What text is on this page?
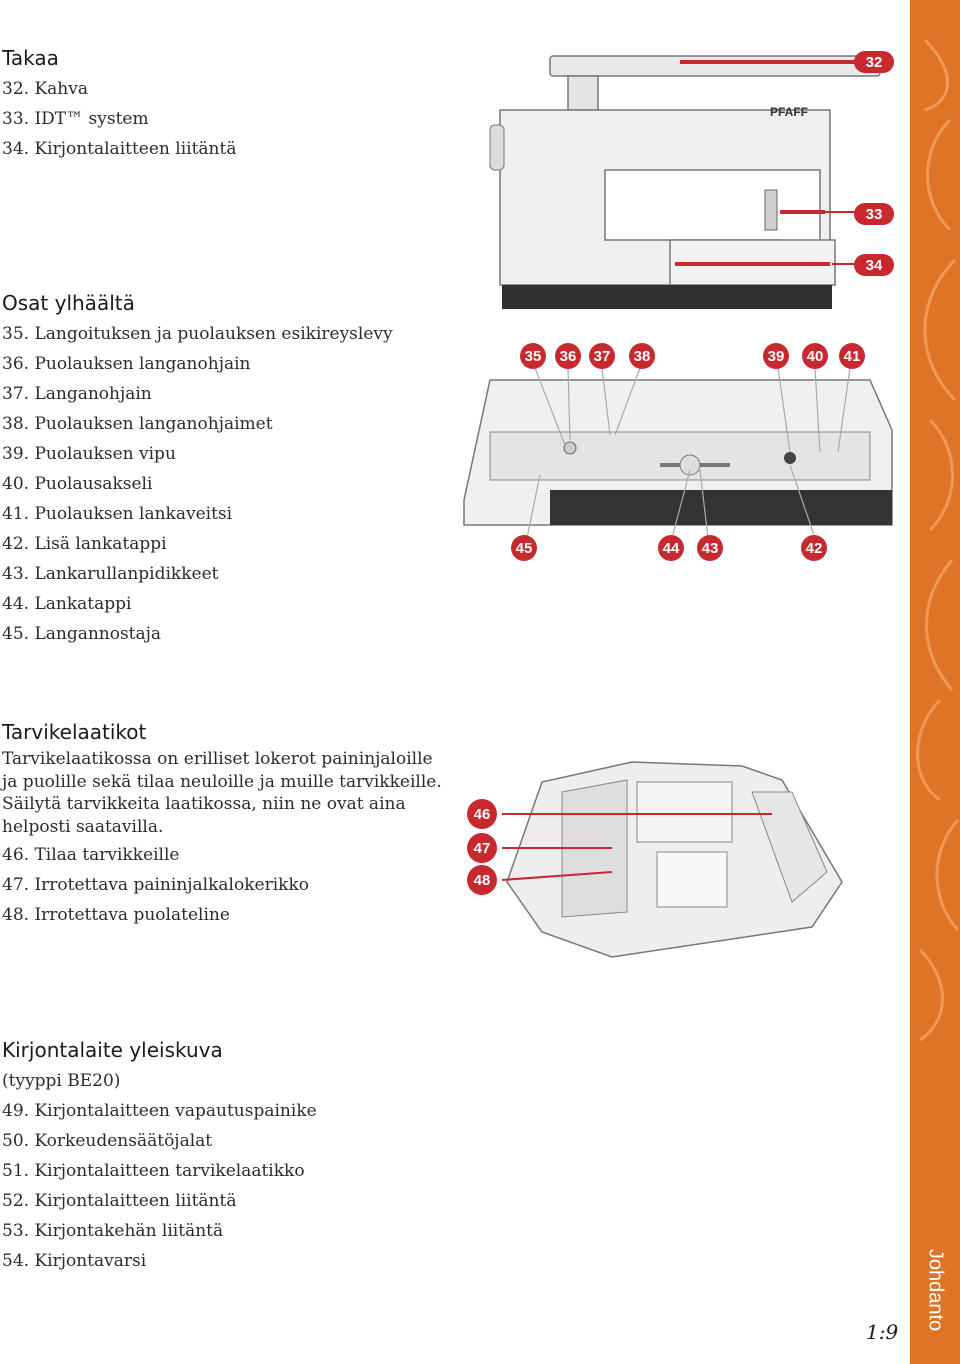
Johdanto
Takaa
32. Kahva
33. IDT™ system
34. Kirjontalaitteen liitäntä
Osat ylhäältä
35. Langoituksen ja puolauksen esikireyslevy
36. Puolauksen langanohjain
37. Langanohjain
38. Puolauksen langanohjaimet
39. Puolauksen vipu
40. Puolausakseli
41. Puolauksen lankaveitsi
42. Lisä lankatappi
43. Lankarullanpidikkeet
44. Lankatappi
45. Langannostaja
Tarvikelaatikot
Tarvikelaatikossa on erilliset lokerot paininjaloille
ja puolille sekä tilaa neuloille ja muille tarvikkeille.
Säilytä tarvikkeita laatikossa, niin ne ovat aina
helposti saatavilla.
46. Tilaa tarvikkeille
47. Irrotettava paininjalkalokerikko
48. Irrotettava puolateline
Kirjontalaite yleiskuva
(tyyppi BE20)
49. Kirjontalaitteen vapautuspainike
50. Korkeudensäätöjalat
51. Kirjontalaitteen tarvikelaatikko
52. Kirjontalaitteen liitäntä
53. Kirjontakehän liitäntä
54. Kirjontavarsi
PFAFF
32
33
34
35 36 37 38	39 40 41
45	44 43	42
46
47
48
1:9
